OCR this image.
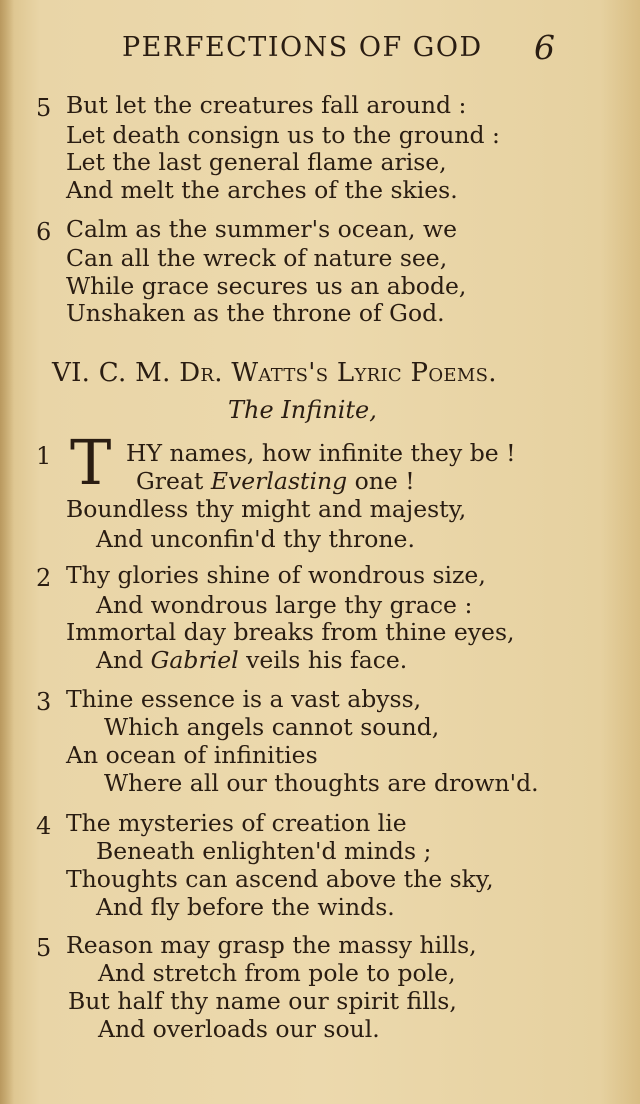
PERFECTIONS OF GOD 6
5 But let the creatures fall around :
Let death consign us to the ground :
Let the last general flame arise,
And melt the arches of the skies.
6 Calm as the summer's ocean, we
Can all the wreck of nature see,
While grace secures us an abode,
Unshaken as the throne of God.
VI. C. M. Dr. Watts's Lyric Poems.
The Infinite,
1 T HY names, how infinite they be !
Great Everlasting one !
Boundless thy might and majesty,
And unconfin'd thy throne.
2 Thy glories shine of wondrous size,
And wondrous large thy grace :
Immortal day breaks from thine eyes,
And Gabriel veils his face.
3 Thine essence is a vast abyss,
Which angels cannot sound,
An ocean of infinities
Where all our thoughts are drown'd.
4 The mysteries of creation lie
Beneath enlighten'd minds ;
Thoughts can ascend above the sky,
And fly before the winds.
5 Reason may grasp the massy hills,
And stretch from pole to pole,
But half thy name our spirit fills,
And overloads our soul.
